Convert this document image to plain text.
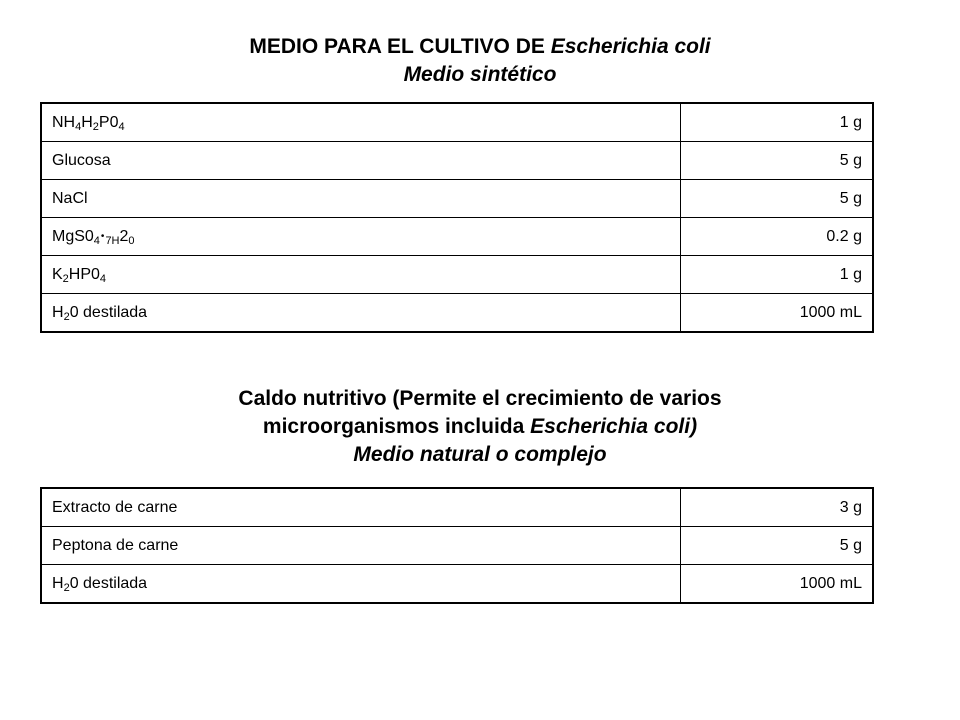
MEDIO PARA EL CULTIVO DE Escherichia coli
Medio sintético
$NH_4H_2P0_4$	1 g
Glucosa	5 g
NaCl	5 g
$MgS0_4•_{7H}2_0$	0.2 g
$K_2HP0_4$	1 g
$H_20$ destilada	1000 mL
Caldo nutritivo (Permite el crecimiento de varios
microorganismos incluida Escherichia coli)
Medio natural o complejo
Extracto de carne	3 g
Peptona de carne	5 g
$H_20$ destilada	1000 mL
